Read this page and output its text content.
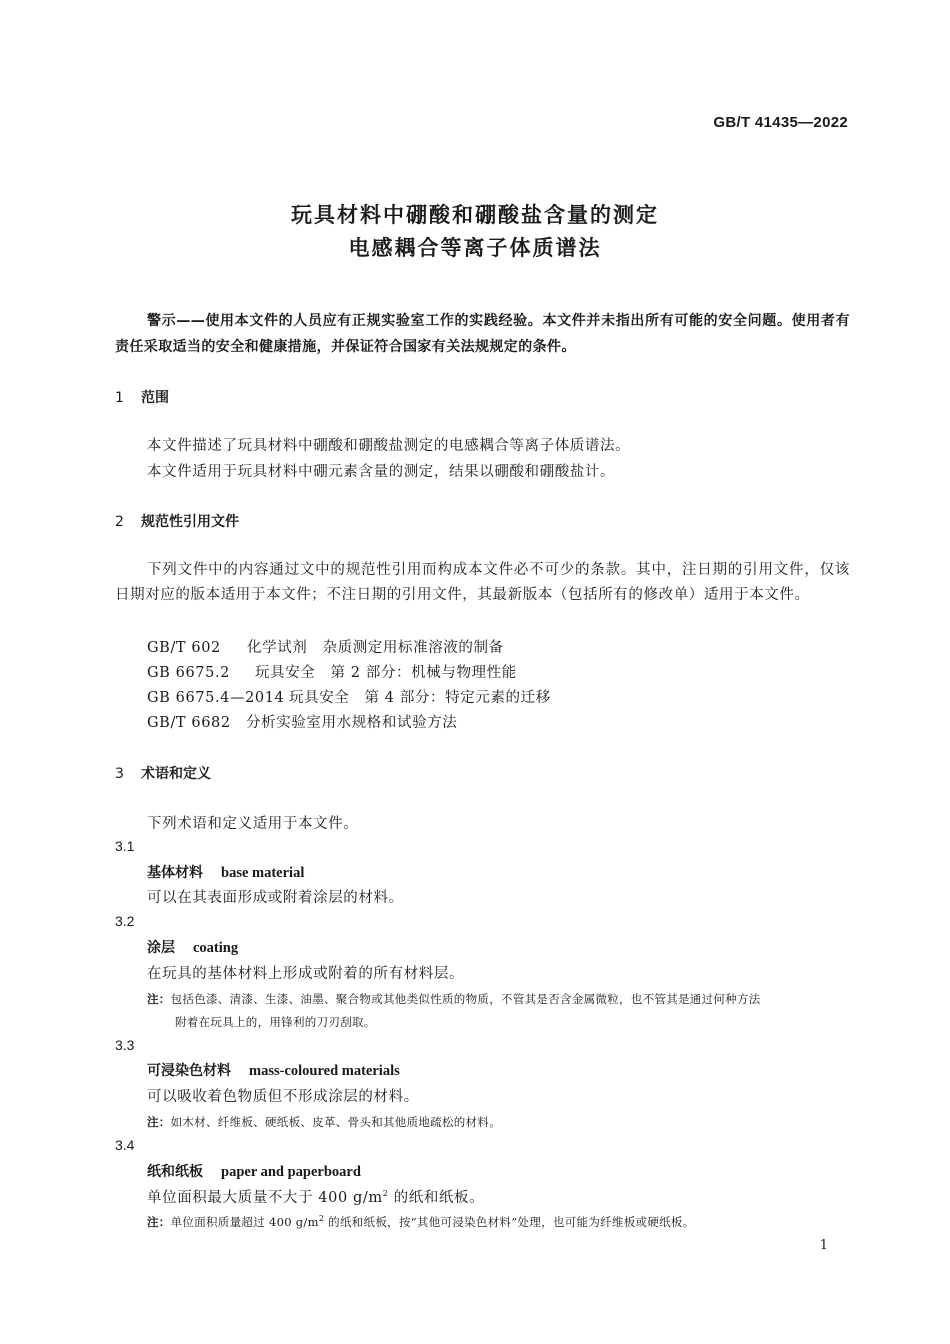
GB/T 41435—2022
玩具材料中硼酸和硼酸盐含量的测定
电感耦合等离子体质谱法
警示——使用本文件的人员应有正规实验室工作的实践经验。本文件并未指出所有可能的安全问题。使用者有责任采取适当的安全和健康措施，并保证符合国家有关法规规定的条件。
1 范围
本文件描述了玩具材料中硼酸和硼酸盐测定的电感耦合等离子体质谱法。
本文件适用于玩具材料中硼元素含量的测定，结果以硼酸和硼酸盐计。
2 规范性引用文件
下列文件中的内容通过文中的规范性引用而构成本文件必不可少的条款。其中，注日期的引用文件，仅该日期对应的版本适用于本文件；不注日期的引用文件，其最新版本（包括所有的修改单）适用于本文件。
GB/T 602 化学试剂　杂质测定用标准溶液的制备
GB 6675.2 玩具安全　第 2 部分：机械与物理性能
GB 6675.4—2014 玩具安全　第 4 部分：特定元素的迁移
GB/T 6682 分析实验室用水规格和试验方法
3 术语和定义
下列术语和定义适用于本文件。
3.1
基体材料 base material
可以在其表面形成或附着涂层的材料。
3.2
涂层 coating
在玩具的基体材料上形成或附着的所有材料层。
注：包括色漆、清漆、生漆、油墨、聚合物或其他类似性质的物质，不管其是否含金属微粒，也不管其是通过何种方法
附着在玩具上的，用锋利的刀刃刮取。
3.3
可浸染色材料 mass-coloured materials
可以吸收着色物质但不形成涂层的材料。
注：如木材、纤维板、硬纸板、皮革、骨头和其他质地疏松的材料。
3.4
纸和纸板 paper and paperboard
单位面积最大质量不大于 400 $g/m^2$ 的纸和纸板。
注：单位面积质量超过 400 $g/m^2$ 的纸和纸板，按“其他可浸染色材料”处理，也可能为纤维板或硬纸板。
1
